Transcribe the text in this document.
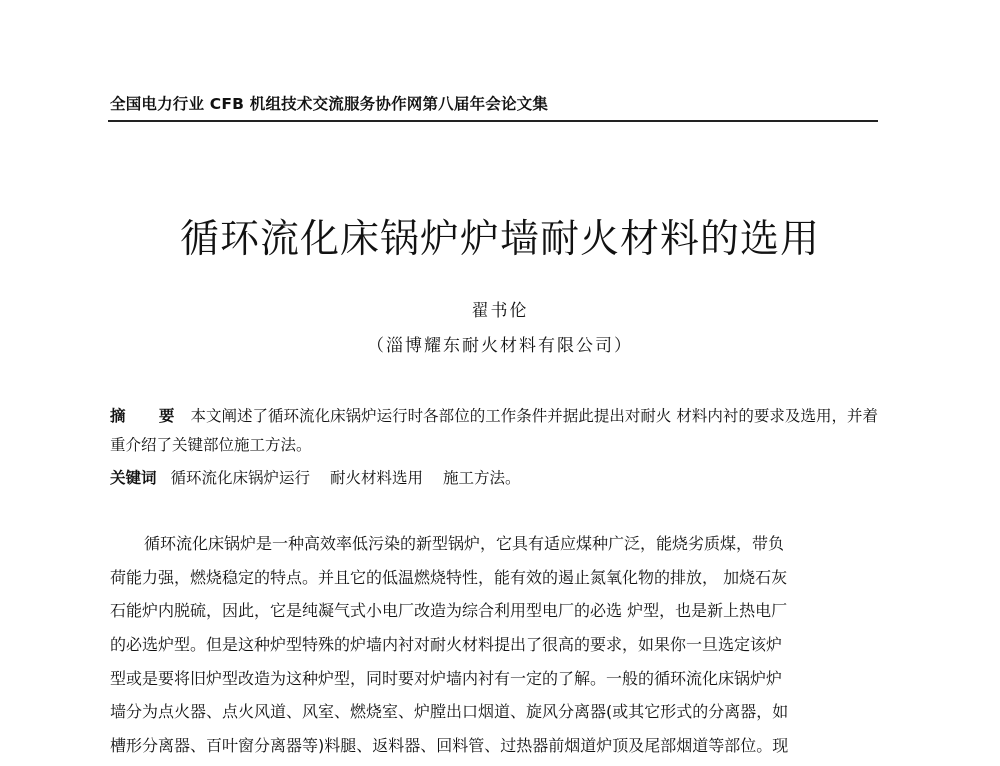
全国电力行业 CFB 机组技术交流服务协作网第八届年会论文集
循环流化床锅炉炉墙耐火材料的选用
翟书伦
（淄博耀东耐火材料有限公司）
摘 要 本文阐述了循环流化床锅炉运行时各部位的工作条件并据此提出对耐火 材料内衬的要求及选用，并着重介绍了关键部位施工方法。
关键词 循环流化床锅炉运行 耐火材料选用 施工方法。
循环流化床锅炉是一种高效率低污染的新型锅炉，它具有适应煤种广泛，能烧劣质煤，带负
荷能力强，燃烧稳定的特点。并且它的低温燃烧特性，能有效的遏止氮氧化物的排放， 加烧石灰
石能炉内脱硫，因此，它是纯凝气式小电厂改造为综合利用型电厂的必选 炉型，也是新上热电厂
的必选炉型。但是这种炉型特殊的炉墙内衬对耐火材料提出了很高的要求，如果你一旦选定该炉
型或是要将旧炉型改造为这种炉型，同时要对炉墙内衬有一定的了解。一般的循环流化床锅炉炉
墙分为点火器、点火风道、风室、燃烧室、炉膛出口烟道、旋风分离器(或其它形式的分离器，如
槽形分离器、百叶窗分离器等)料腿、返料器、回料管、过热器前烟道炉顶及尾部烟道等部位。现
